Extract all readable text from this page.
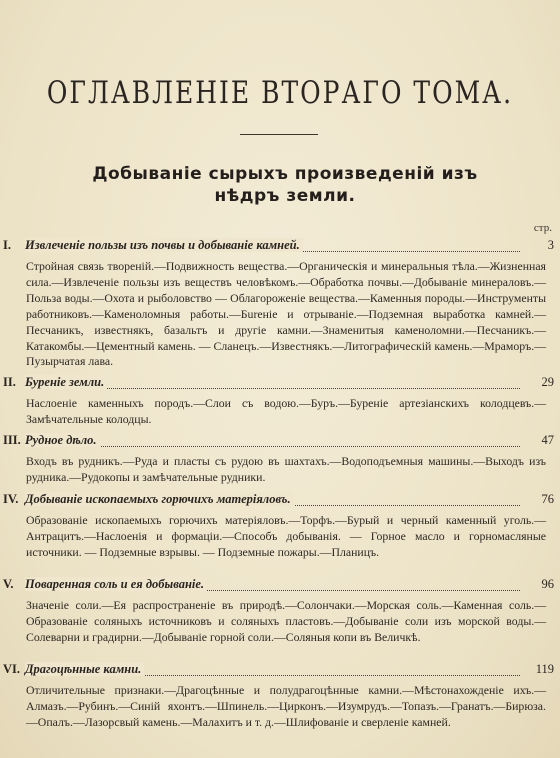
ОГЛАВЛЕНІЕ ВТОРАГО ТОМА.
Добываніе сырыхъ произведеній изъ нѣдръ земли.
стр.
I. Извлеченіе пользы изъ почвы и добываніе камней.	3
Стройная связь твореній.—Подвижность вещества.—Органическія и минеральныя тѣла.—Жизненная сила.—Извлеченіе пользы изъ веществъ человѣкомъ.—Обработка почвы.—Добываніе минераловъ.—Польза воды.—Охота и рыболовство — Облагороженіе вещества.—Каменныя породы.—Инструменты работниковъ.—Каменоломныя работы.—Бureніе и отрываніе.—Подземная выработка камней.—Песчаникъ, известнякъ, базальтъ и другіе камни.—Знаменитыя каменоломни.—Песчаникъ.—Катакомбы.—Цементный камень. — Сланецъ.—Известнякъ.—Литографическій камень.—Мраморъ.—Пузырчатая лава.
II. Буреніе земли.	29
Наслоеніе каменныхъ породъ.—Слои съ водою.—Буръ.—Буреніе артезіанскихъ колодцевъ.—Замѣчательные колодцы.
III. Рудное дѣло.	47
Входъ въ рудникъ.—Руда и пласты съ рудою въ шахтахъ.—Водоподъемныя машины.—Выходъ изъ рудника.—Рудокопы и замѣчательные рудники.
IV. Добываніе ископаемыхъ горючихъ матеріяловъ.	76
Образованіе ископаемыхъ горючихъ матеріяловъ.—Торфъ.—Бурый и черный каменный уголь.—Антрацитъ.—Наслоенія и формаціи.—Способъ добыванія. — Горное масло и горномасляные источники. — Подземные взрывы. — Подземные пожары.—Планицъ.
V. Поваренная соль и ея добываніе.	96
Значеніе соли.—Ея распространеніе въ природѣ.—Солончаки.—Морская соль.—Каменная соль.—Образованіе соляныхъ источниковъ и соляныхъ пластовъ.—Добываніе соли изъ морской воды.—Солеварни и градирни.—Добываніе горной соли.—Соляныя копи въ Величкѣ.
VI. Драгоцѣнные камни.	119
Отличительные признаки.—Драгоцѣнные и полудрагоцѣнные камни.—Мѣстонахожденіе ихъ.—Алмазъ.—Рубинъ.—Синій яхонтъ.—Шпинель.—Цирконъ.—Изумрудъ.—Топазъ.—Гранатъ.—Бирюза.—Опалъ.—Лазорсвый камень.—Малахитъ и т. д.—Шлифованіе и сверленіе камней.
